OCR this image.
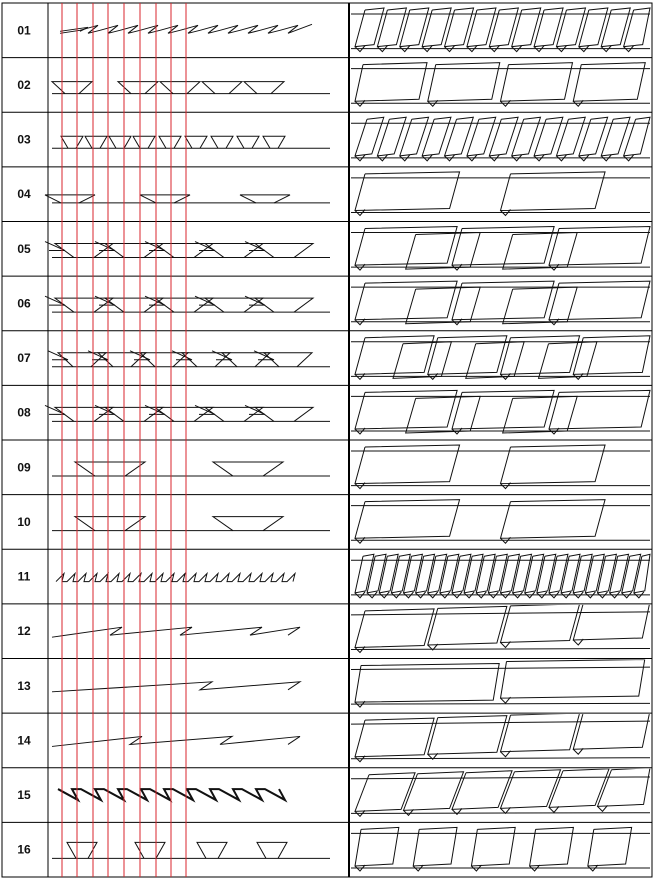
01
02
03
04
05
06
07
08
09
10
11
12
13
14
15
16
